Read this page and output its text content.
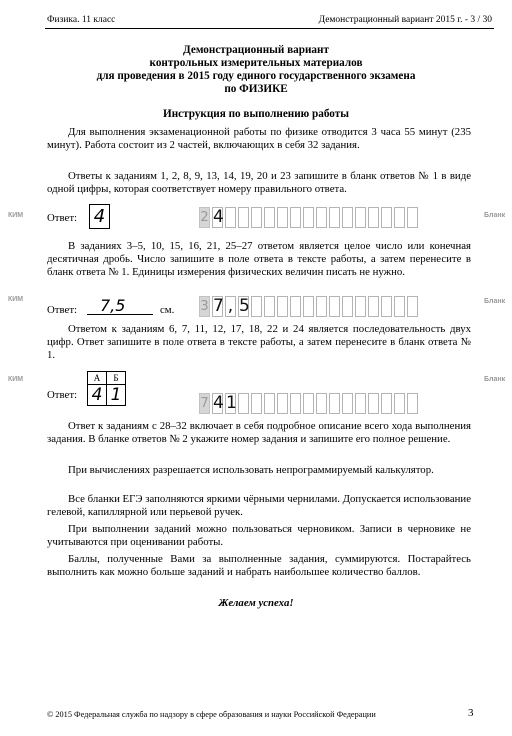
Физика. 11 класс	Демонстрационный вариант 2015 г. - 3 / 30
Демонстрационный вариант
контрольных измерительных материалов
для проведения в 2015 году единого государственного экзамена
по ФИЗИКЕ
Инструкция по выполнению работы
Для выполнения экзаменационной работы по физике отводится 3 часа 55 минут (235 минут). Работа состоит из 2 частей, включающих в себя 32 задания.
Ответы к заданиям 1, 2, 8, 9, 13, 14, 19, 20 и 23 запишите в бланк ответов № 1 в виде одной цифры, которая соответствует номеру правильного ответа.
КИМ Ответ: 4	2 4	Бланк
В заданиях 3–5, 10, 15, 16, 21, 25–27 ответом является целое число или конечная десятичная дробь. Число запишите в поле ответа в тексте работы, а затем перенесите в бланк ответа № 1. Единицы измерения физических величин писать не нужно.
КИМ
Ответ: 7,5	см. 3 7 , 5	Бланк
Ответом к заданиям 6, 7, 11, 12, 17, 18, 22 и 24 является последовательность двух цифр. Ответ запишите в поле ответа в тексте работы, а затем перенесите в бланк ответа № 1.
КИМ
Ответ:
А	Б
4	1	7 4 1
Бланк
Ответ к заданиям с 28–32 включает в себя подробное описание всего хода выполнения задания. В бланке ответов № 2 укажите номер задания и запишите его полное решение.
При вычислениях разрешается использовать непрограммируемый калькулятор.
Все бланки ЕГЭ заполняются яркими чёрными чернилами. Допускается использование гелевой, капиллярной или перьевой ручек.
При выполнении заданий можно пользоваться черновиком. Записи в черновике не учитываются при оценивании работы.
Баллы, полученные Вами за выполненные задания, суммируются. Постарайтесь выполнить как можно больше заданий и набрать наибольшее количество баллов.
Желаем успеха!
© 2015 Федеральная служба по надзору в сфере образования и науки Российской Федерации	3
